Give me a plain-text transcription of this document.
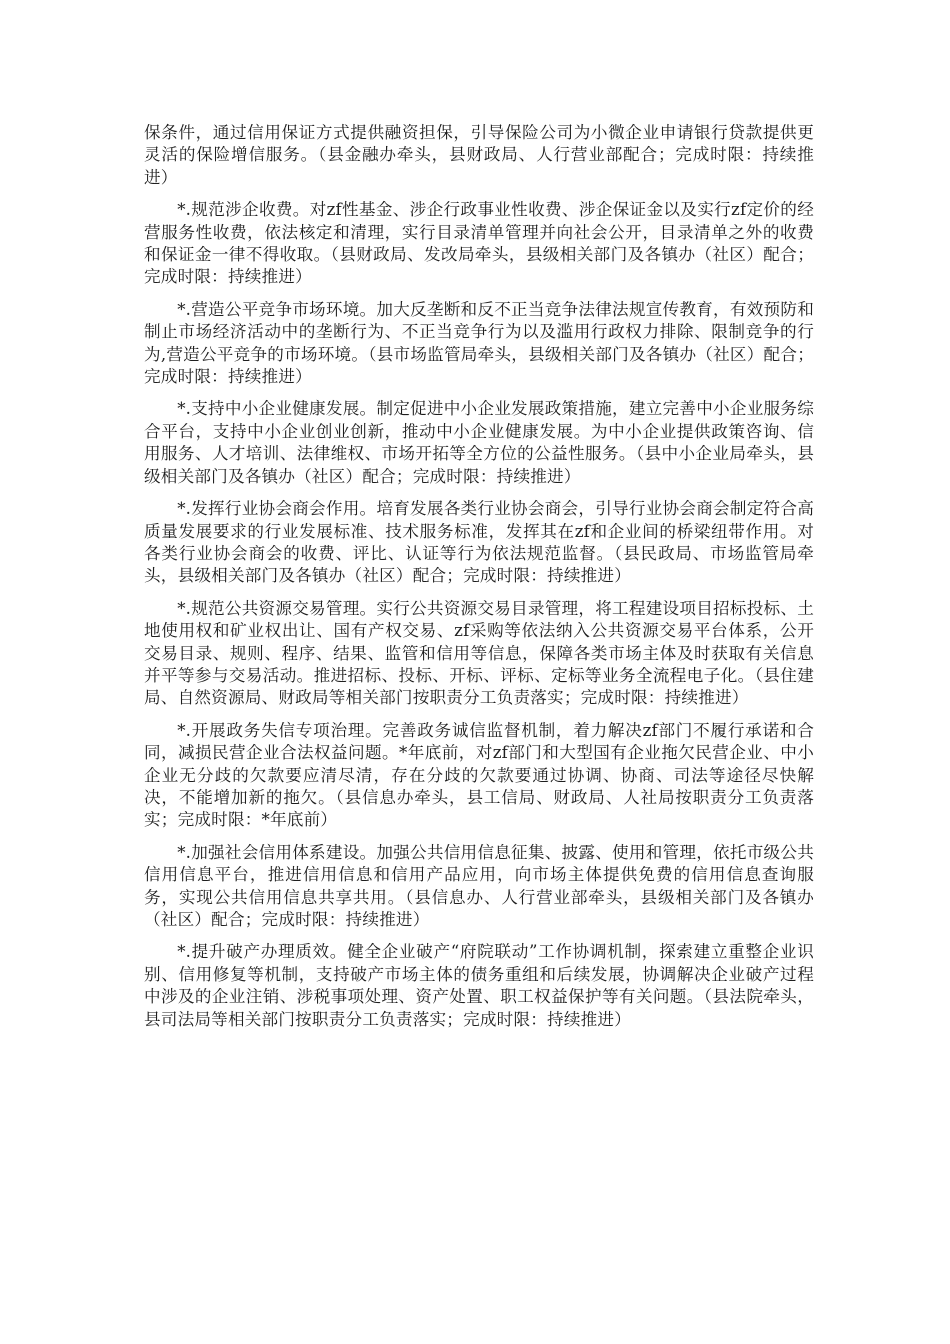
保条件，通过信用保证方式提供融资担保，引导保险公司为小微企业申请银行贷款提供更灵活的保险增信服务。（县金融办牵头，县财政局、人行营业部配合；完成时限：持续推进）

*.规范涉企收费。对zf性基金、涉企行政事业性收费、涉企保证金以及实行zf定价的经营服务性收费，依法核定和清理，实行目录清单管理并向社会公开，目录清单之外的收费和保证金一律不得收取。（县财政局、发改局牵头，县级相关部门及各镇办（社区）配合；完成时限：持续推进）

*.营造公平竞争市场环境。加大反垄断和反不正当竞争法律法规宣传教育，有效预防和制止市场经济活动中的垄断行为、不正当竞争行为以及滥用行政权力排除、限制竞争的行为,营造公平竞争的市场环境。（县市场监管局牵头，县级相关部门及各镇办（社区）配合；完成时限：持续推进）

*.支持中小企业健康发展。制定促进中小企业发展政策措施，建立完善中小企业服务综合平台，支持中小企业创业创新，推动中小企业健康发展。为中小企业提供政策咨询、信用服务、人才培训、法律维权、市场开拓等全方位的公益性服务。（县中小企业局牵头，县级相关部门及各镇办（社区）配合；完成时限：持续推进）

*.发挥行业协会商会作用。培育发展各类行业协会商会，引导行业协会商会制定符合高质量发展要求的行业发展标准、技术服务标准，发挥其在zf和企业间的桥梁纽带作用。对各类行业协会商会的收费、评比、认证等行为依法规范监督。（县民政局、市场监管局牵头，县级相关部门及各镇办（社区）配合；完成时限：持续推进）

*.规范公共资源交易管理。实行公共资源交易目录管理，将工程建设项目招标投标、土地使用权和矿业权出让、国有产权交易、zf采购等依法纳入公共资源交易平台体系，公开交易目录、规则、程序、结果、监管和信用等信息，保障各类市场主体及时获取有关信息并平等参与交易活动。推进招标、投标、开标、评标、定标等业务全流程电子化。（县住建局、自然资源局、财政局等相关部门按职责分工负责落实；完成时限：持续推进）

*.开展政务失信专项治理。完善政务诚信监督机制，着力解决zf部门不履行承诺和合同，减损民营企业合法权益问题。*年底前，对zf部门和大型国有企业拖欠民营企业、中小企业无分歧的欠款要应清尽清，存在分歧的欠款要通过协调、协商、司法等途径尽快解决，不能增加新的拖欠。（县信息办牵头，县工信局、财政局、人社局按职责分工负责落实；完成时限：*年底前）

*.加强社会信用体系建设。加强公共信用信息征集、披露、使用和管理，依托市级公共信用信息平台，推进信用信息和信用产品应用，向市场主体提供免费的信用信息查询服务，实现公共信用信息共享共用。（县信息办、人行营业部牵头，县级相关部门及各镇办（社区）配合；完成时限：持续推进）

*.提升破产办理质效。健全企业破产“府院联动”工作协调机制，探索建立重整企业识别、信用修复等机制，支持破产市场主体的债务重组和后续发展，协调解决企业破产过程中涉及的企业注销、涉税事项处理、资产处置、职工权益保护等有关问题。（县法院牵头，县司法局等相关部门按职责分工负责落实；完成时限：持续推进）
